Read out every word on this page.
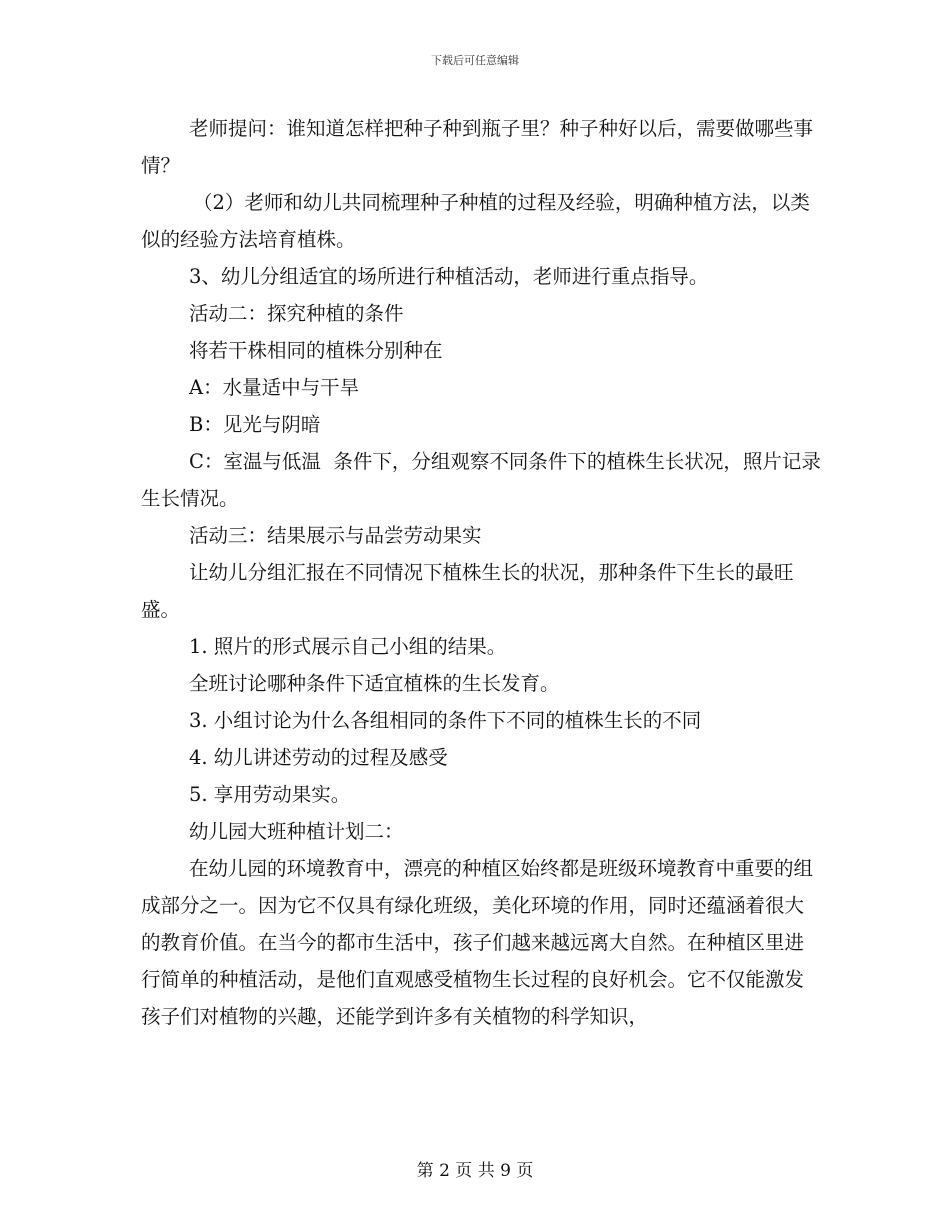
下载后可任意编辑

老师提问：谁知道怎样把种子种到瓶子里？种子种好以后，需要做哪些事情？

（2）老师和幼儿共同梳理种子种植的过程及经验，明确种植方法，以类似的经验方法培育植株。

3、幼儿分组适宜的场所进行种植活动，老师进行重点指导。

活动二：探究种植的条件

将若干株相同的植株分别种在

A：水量适中与干旱

B：见光与阴暗

C：室温与低温  条件下，分组观察不同条件下的植株生长状况，照片记录生长情况。

活动三：结果展示与品尝劳动果实

让幼儿分组汇报在不同情况下植株生长的状况，那种条件下生长的最旺盛。

1. 照片的形式展示自己小组的结果。

全班讨论哪种条件下适宜植株的生长发育。

3. 小组讨论为什么各组相同的条件下不同的植株生长的不同

4. 幼儿讲述劳动的过程及感受

5. 享用劳动果实。

幼儿园大班种植计划二：

在幼儿园的环境教育中，漂亮的种植区始终都是班级环境教育中重要的组成部分之一。因为它不仅具有绿化班级，美化环境的作用，同时还蕴涵着很大的教育价值。在当今的都市生活中，孩子们越来越远离大自然。在种植区里进行简单的种植活动，是他们直观感受植物生长过程的良好机会。它不仅能激发孩子们对植物的兴趣，还能学到许多有关植物的科学知识，

第 2 页 共 9 页
